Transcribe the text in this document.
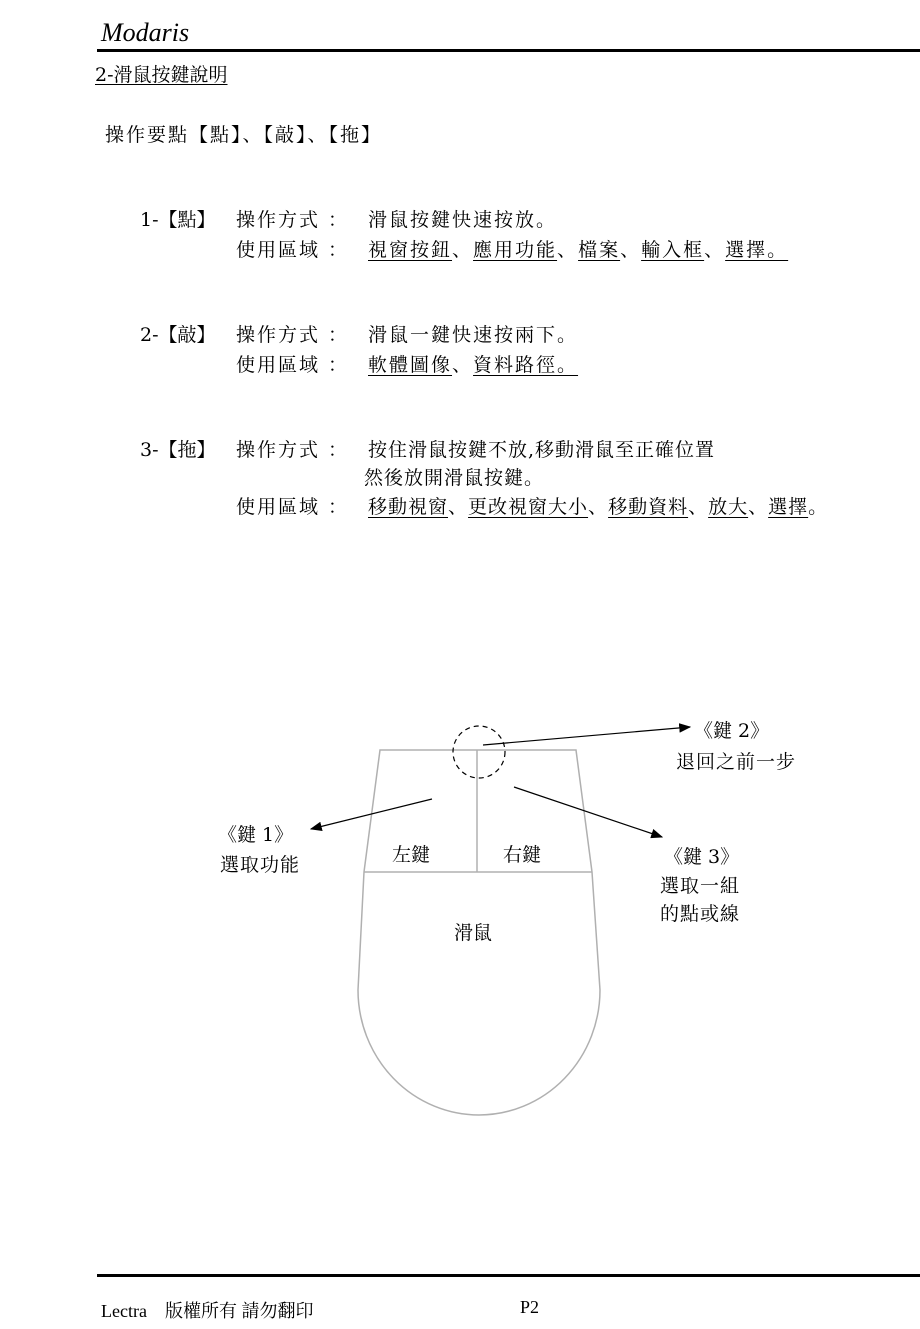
Modaris
2-滑鼠按鍵說明
操作要點【點】、【敲】、【拖】
1-【點】 操作方式 ： 滑鼠按鍵快速按放。
使用區域 ： 視窗按鈕、應用功能、檔案、輸入框、選擇。
2-【敲】 操作方式 ： 滑鼠一鍵快速按兩下。
使用區域 ： 軟體圖像、資料路徑。
3-【拖】 操作方式 ： 按住滑鼠按鍵不放,移動滑鼠至正確位置
然後放開滑鼠按鍵。
使用區域 ： 移動視窗、更改視窗大小、移動資料、放大、選擇。
左鍵	右鍵
滑鼠
《鍵 1》
選取功能
《鍵 2》
退回之前一步
《鍵 3》
選取一組
的點或線
Lectra　版權所有 請勿翻印	P2
